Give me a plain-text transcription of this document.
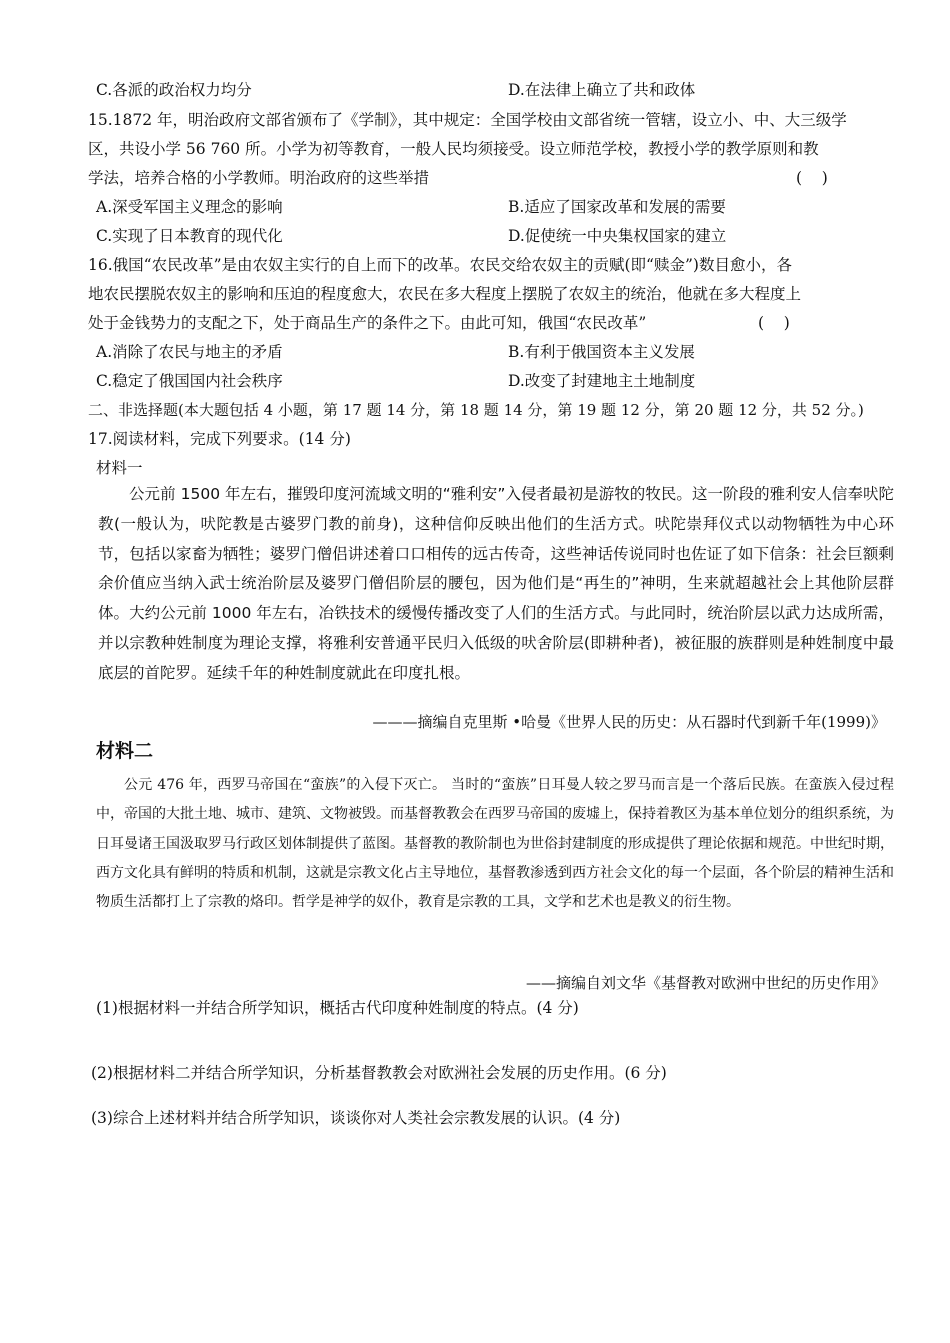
C.各派的政治权力均分	D.在法律上确立了共和政体
15.1872 年，明治政府文部省颁布了《学制》，其中规定：全国学校由文部省统一管辖，设立小、中、大三级学
区，共设小学 56 760 所。小学为初等教育，一般人民均须接受。设立师范学校，教授小学的教学原则和教
学法，培养合格的小学教师。明治政府的这些举措	(    )
A.深受军国主义理念的影响	B.适应了国家改革和发展的需要
C.实现了日本教育的现代化	D.促使统一中央集权国家的建立
16.俄国“农民改革”是由农奴主实行的自上而下的改革。农民交给农奴主的贡赋(即“赎金”)数目愈小，各
地农民摆脱农奴主的影响和压迫的程度愈大，农民在多大程度上摆脱了农奴主的统治，他就在多大程度上
处于金钱势力的支配之下，处于商品生产的条件之下。由此可知，俄国“农民改革”	(    )
A.消除了农民与地主的矛盾	B.有利于俄国资本主义发展
C.稳定了俄国国内社会秩序	D.改变了封建地主土地制度
二、非选择题(本大题包括 4 小题，第 17 题 14 分，第 18 题 14 分，第 19 题 12 分，第 20 题 12 分，共 52 分。)
17.阅读材料，完成下列要求。(14 分)
材料一
公元前 1500 年左右，摧毁印度河流域文明的“雅利安”入侵者最初是游牧的牧民。这一阶段的雅利安人信奉吠陀教(一般认为，吠陀教是古婆罗门教的前身)，这种信仰反映出他们的生活方式。吠陀崇拜仪式以动物牺牲为中心环节，包括以家畜为牺牲；婆罗门僧侣讲述着口口相传的远古传奇，这些神话传说同时也佐证了如下信条：社会巨额剩余价值应当纳入武士统治阶层及婆罗门僧侣阶层的腰包，因为他们是“再生的”神明，生来就超越社会上其他阶层群体。大约公元前 1000 年左右，冶铁技术的缓慢传播改变了人们的生活方式。与此同时，统治阶层以武力达成所需，并以宗教种姓制度为理论支撑，将雅利安普通平民归入低级的吠舍阶层(即耕种者)，被征服的族群则是种姓制度中最底层的首陀罗。延续千年的种姓制度就此在印度扎根。
———摘编自克里斯 •哈曼《世界人民的历史：从石器时代到新千年(1999)》
材料二
公元 476 年，西罗马帝国在“蛮族”的入侵下灭亡。 当时的“蛮族”日耳曼人较之罗马而言是一个落后民族。在蛮族入侵过程中，帝国的大批土地、城市、建筑、文物被毁。而基督教教会在西罗马帝国的废墟上，保持着教区为基本单位划分的组织系统，为日耳曼诸王国汲取罗马行政区划体制提供了蓝图。基督教的教阶制也为世俗封建制度的形成提供了理论依据和规范。中世纪时期，西方文化具有鲜明的特质和机制，这就是宗教文化占主导地位，基督教渗透到西方社会文化的每一个层面，各个阶层的精神生活和物质生活都打上了宗教的烙印。哲学是神学的奴仆，教育是宗教的工具，文学和艺术也是教义的衍生物。
——摘编自刘文华《基督教对欧洲中世纪的历史作用》
(1)根据材料一并结合所学知识，概括古代印度种姓制度的特点。(4 分)
(2)根据材料二并结合所学知识，分析基督教教会对欧洲社会发展的历史作用。(6 分)
(3)综合上述材料并结合所学知识，谈谈你对人类社会宗教发展的认识。(4 分)
